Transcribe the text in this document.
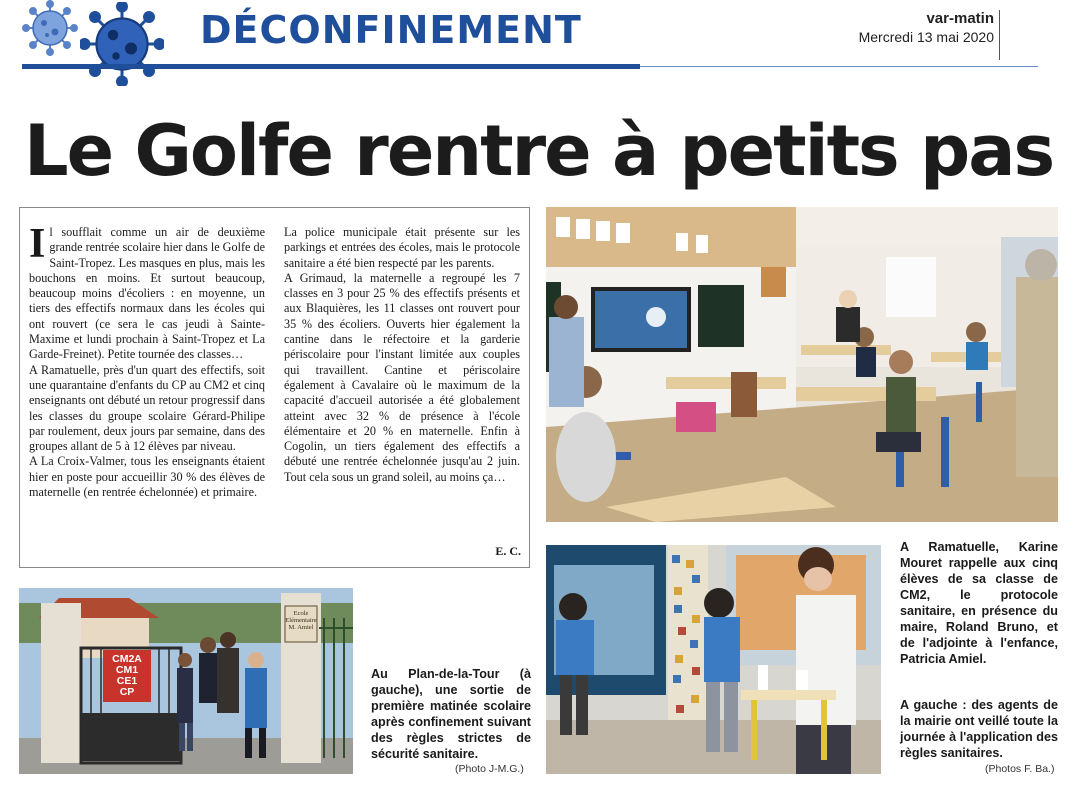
DÉCONFINEMENT	var-matin
Mercredi 13 mai 2020
Le Golfe rentre à petits pas

Il soufflait comme un air de deuxième grande rentrée scolaire hier dans le Golfe de Saint-Tropez. Les masques en plus, mais les bouchons en moins. Et surtout beaucoup, beaucoup moins d'écoliers : en moyenne, un tiers des effectifs normaux dans les écoles qui ont rouvert (ce sera le cas jeudi à Sainte-Maxime et lundi prochain à Saint-Tropez et La Garde-Freinet). Petite tournée des classes…

A Ramatuelle, près d'un quart des effectifs, soit une quarantaine d'enfants du CP au CM2 et cinq enseignants ont débuté un retour progressif dans les classes du groupe scolaire Gérard-Philipe par roulement, deux jours par semaine, dans des groupes allant de 5 à 12 élèves par niveau.

A La Croix-Valmer, tous les enseignants étaient hier en poste pour accueillir 30 % des élèves de maternelle (en rentrée échelonnée) et primaire.

La police municipale était présente sur les parkings et entrées des écoles, mais le protocole sanitaire a été bien respecté par les parents.

A Grimaud, la maternelle a regroupé les 7 classes en 3 pour 25 % des effectifs présents et aux Blaquières, les 11 classes ont rouvert pour 35 % des écoliers. Ouverts hier également la cantine dans le réfectoire et la garderie périscolaire pour l'instant limitée aux couples qui travaillent. Cantine et périscolaire également à Cavalaire où le maximum de la capacité d'accueil autorisée a été globalement atteint avec 32 % de présence à l'école élémentaire et 20 % en maternelle. Enfin à Cogolin, un tiers également des effectifs a débuté une rentrée échelonnée jusqu'au 2 juin. Tout cela sous un grand soleil, au moins ça…

E. C.
CM2A
CM1
CE1
CP
Ecole Elémentaire M. Amiel
Au Plan-de-la-Tour (à gauche), une sortie de première matinée scolaire après confinement suivant des règles strictes de sécurité sanitaire.
(Photo J-M.G.)
A Ramatuelle, Karine Mouret rappelle aux cinq élèves de sa classe de CM2, le protocole sanitaire, en présence du maire, Roland Bruno, et de l'adjointe à l'enfance, Patricia Amiel.
A gauche : des agents de la mairie ont veillé toute la journée à l'application des règles sanitaires.
(Photos F. Ba.)
